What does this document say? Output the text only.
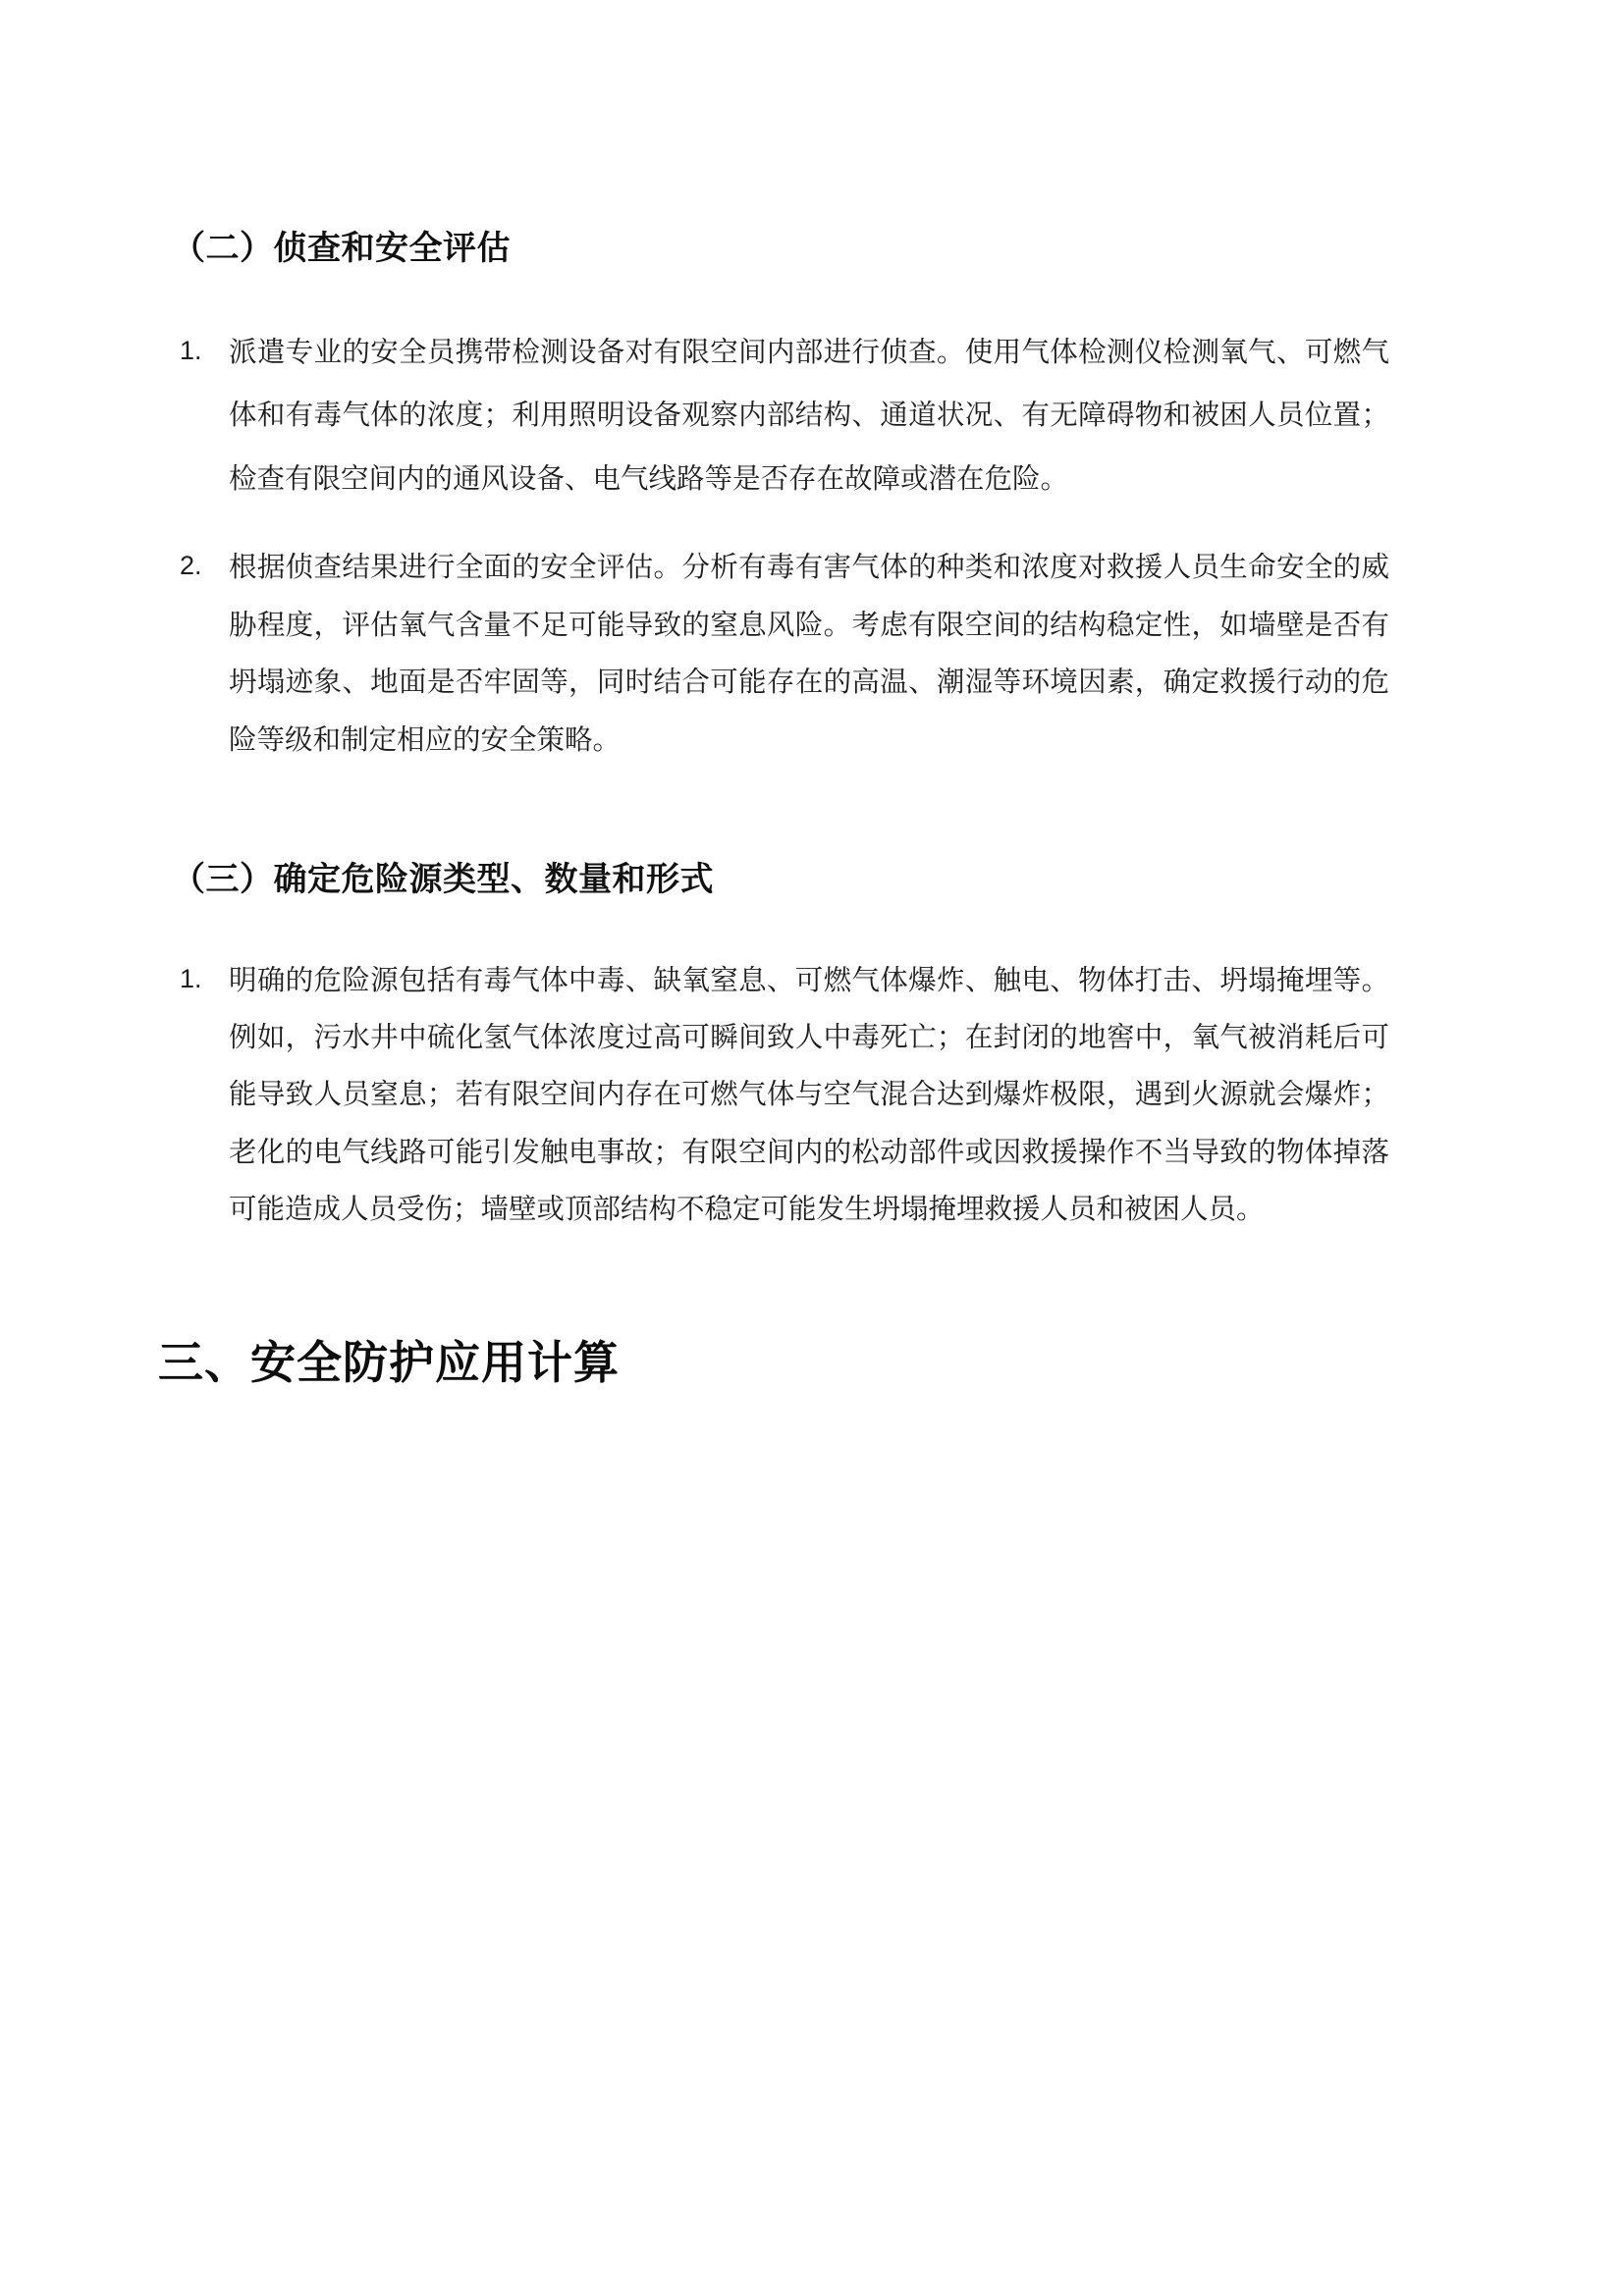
（二）侦查和安全评估
1. 派遣专业的安全员携带检测设备对有限空间内部进行侦查。使用气体检测仪检测氧气、可燃气体和有毒气体的浓度；利用照明设备观察内部结构、通道状况、有无障碍物和被困人员位置；检查有限空间内的通风设备、电气线路等是否存在故障或潜在危险。
2. 根据侦查结果进行全面的安全评估。分析有毒有害气体的种类和浓度对救援人员生命安全的威胁程度，评估氧气含量不足可能导致的窒息风险。考虑有限空间的结构稳定性，如墙壁是否有坍塌迹象、地面是否牢固等，同时结合可能存在的高温、潮湿等环境因素，确定救援行动的危险等级和制定相应的安全策略。
（三）确定危险源类型、数量和形式
1. 明确的危险源包括有毒气体中毒、缺氧窒息、可燃气体爆炸、触电、物体打击、坍塌掩埋等。例如，污水井中硫化氢气体浓度过高可瞬间致人中毒死亡；在封闭的地窖中，氧气被消耗后可能导致人员窒息；若有限空间内存在可燃气体与空气混合达到爆炸极限，遇到火源就会爆炸；老化的电气线路可能引发触电事故；有限空间内的松动部件或因救援操作不当导致的物体掉落可能造成人员受伤；墙壁或顶部结构不稳定可能发生坍塌掩埋救援人员和被困人员。
三、安全防护应用计算
